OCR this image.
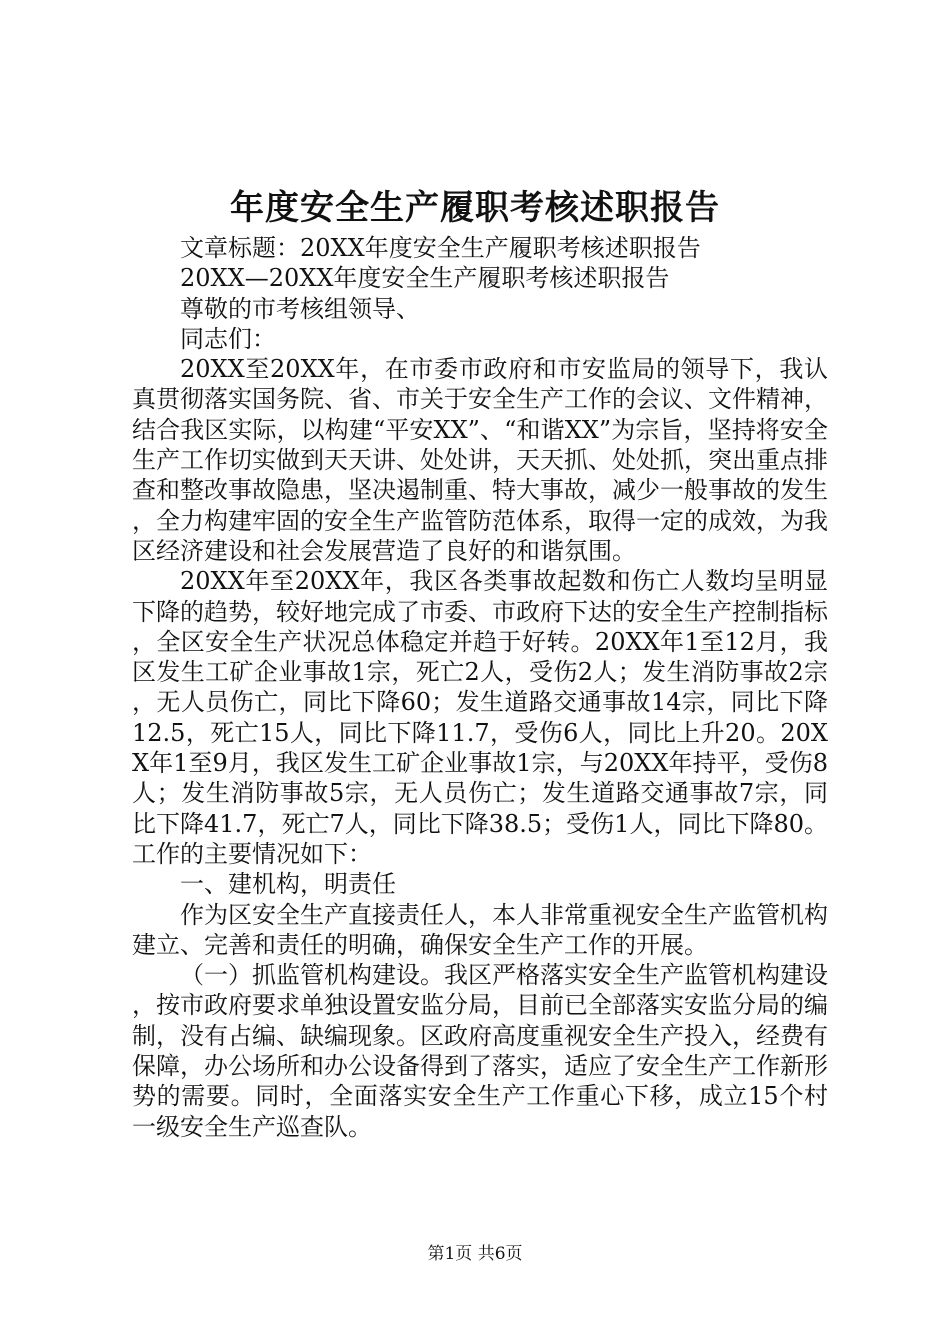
年度安全生产履职考核述职报告

文章标题：20XX年度安全生产履职考核述职报告

20XX—20XX年度安全生产履职考核述职报告

尊敬的市考核组领导、

同志们：

20XX至20XX年，在市委市政府和市安监局的领导下，我认真贯彻落实国务院、省、市关于安全生产工作的会议、文件精神，结合我区实际，以构建“平安XX”、“和谐XX”为宗旨，坚持将安全生产工作切实做到天天讲、处处讲，天天抓、处处抓，突出重点排查和整改事故隐患，坚决遏制重、特大事故，减少一般事故的发生，全力构建牢固的安全生产监管防范体系，取得一定的成效，为我区经济建设和社会发展营造了良好的和谐氛围。

20XX年至20XX年，我区各类事故起数和伤亡人数均呈明显下降的趋势，较好地完成了市委、市政府下达的安全生产控制指标，全区安全生产状况总体稳定并趋于好转。20XX年1至12月，我区发生工矿企业事故1宗，死亡2人，受伤2人；发生消防事故2宗，无人员伤亡，同比下降60；发生道路交通事故14宗，同比下降12.5，死亡15人，同比下降11.7，受伤6人，同比上升20。20XX年1至9月，我区发生工矿企业事故1宗，与20XX年持平，受伤8人；发生消防事故5宗，无人员伤亡；发生道路交通事故7宗，同比下降41.7，死亡7人，同比下降38.5；受伤1人，同比下降80。工作的主要情况如下：

一、建机构，明责任

作为区安全生产直接责任人，本人非常重视安全生产监管机构建立、完善和责任的明确，确保安全生产工作的开展。

（一）抓监管机构建设。我区严格落实安全生产监管机构建设，按市政府要求单独设置安监分局，目前已全部落实安监分局的编制，没有占编、缺编现象。区政府高度重视安全生产投入，经费有保障，办公场所和办公设备得到了落实，适应了安全生产工作新形势的需要。同时，全面落实安全生产工作重心下移，成立15个村一级安全生产巡查队。

第1页 共6页
